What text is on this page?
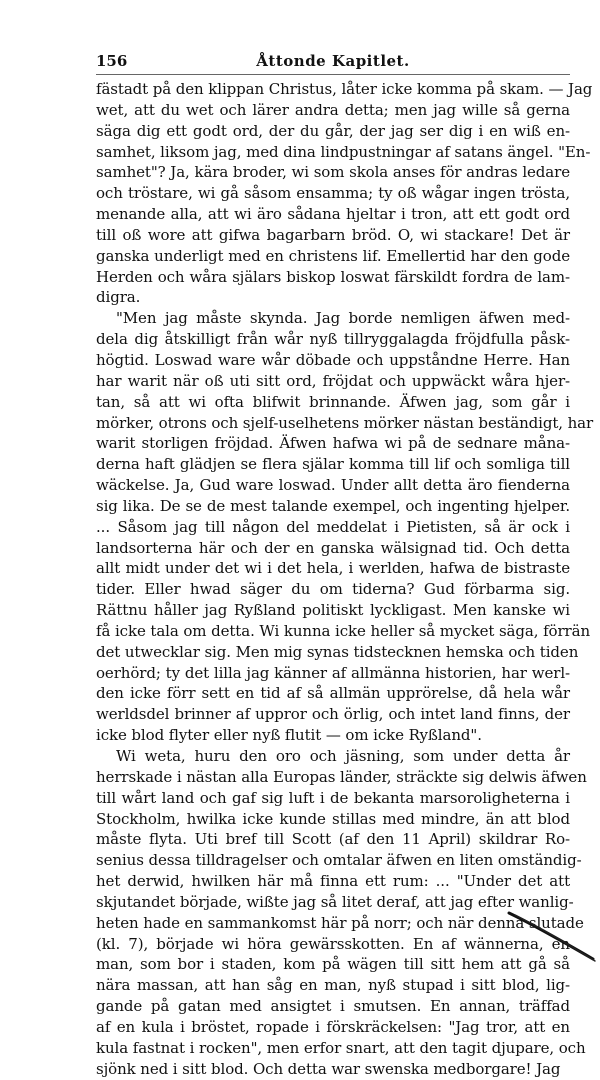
156	Åttonde Kapitlet.
fästadt på den klippan Christus, låter icke komma på skam. — Jag
wet, att du wet och lärer andra detta; men jag wille så gerna
säga dig ett godt ord, der du går, der jag ser dig i en wiß en-
samhet, liksom jag, med dina lindpustningar af satans ängel. "En-
samhet"? Ja, kära broder, wi som skola anses för andras ledare
och tröstare, wi gå såsom ensamma; ty oß wågar ingen trösta,
menande alla, att wi äro sådana hjeltar i tron, att ett godt ord
till oß wore att gifwa bagarbarn bröd. O, wi stackare! Det är
ganska underligt med en christens lif. Emellertid har den gode
Herden och wåra själars biskop loswat färskildt fordra de lam-
digra.
"Men jag måste skynda. Jag borde nemligen äfwen med-
dela dig åtskilligt från wår nyß tillryggalagda fröjdfulla påsk-
högtid. Loswad ware wår döbade och uppståndne Herre. Han
har warit när oß uti sitt ord, fröjdat och uppwäckt wåra hjer-
tan, så att wi ofta blifwit brinnande. Äfwen jag, som går i
mörker, otrons och sjelf-uselhetens mörker nästan beständigt, har
warit storligen fröjdad. Äfwen hafwa wi på de sednare måna-
derna haft glädjen se flera själar komma till lif och somliga till
wäckelse. Ja, Gud ware loswad. Under allt detta äro fienderna
sig lika. De se de mest talande exempel, och ingenting hjelper.
... Såsom jag till någon del meddelat i Pietisten, så är ock i
landsorterna här och der en ganska wälsignad tid. Och detta
allt midt under det wi i det hela, i werlden, hafwa de bistraste
tider. Eller hwad säger du om tiderna? Gud förbarma sig.
Rättnu håller jag Ryßland politiskt lyckligast. Men kanske wi
få icke tala om detta. Wi kunna icke heller så mycket säga, förrän
det utwecklar sig. Men mig synas tidstecknen hemska och tiden
oerhörd; ty det lilla jag känner af allmänna historien, har werl-
den icke förr sett en tid af så allmän upprörelse, då hela wår
werldsdel brinner af uppror och örlig, och intet land finns, der
icke blod flyter eller nyß flutit — om icke Ryßland".
Wi weta, huru den oro och jäsning, som under detta år
herrskade i nästan alla Europas länder, sträckte sig delwis äfwen
till wårt land och gaf sig luft i de bekanta marsoroligheterna i
Stockholm, hwilka icke kunde stillas med mindre, än att blod
måste flyta. Uti bref till Scott (af den 11 April) skildrar Ro-
senius dessa tilldragelser och omtalar äfwen en liten omständig-
het derwid, hwilken här må finna ett rum: ... "Under det att
skjutandet började, wißte jag så litet deraf, att jag efter wanlig-
heten hade en sammankomst här på norr; och när denna slutade
(kl. 7), började wi höra gewärsskotten. En af wännerna, en
man, som bor i staden, kom på wägen till sitt hem att gå så
nära massan, att han såg en man, nyß stupad i sitt blod, lig-
gande på gatan med ansigtet i smutsen. En annan, träffad
af en kula i bröstet, ropade i förskräckelsen: "Jag tror, att en
kula fastnat i rocken", men erfor snart, att den tagit djupare, och
sjönk ned i sitt blod. Och detta war swenska medborgare! Jag
